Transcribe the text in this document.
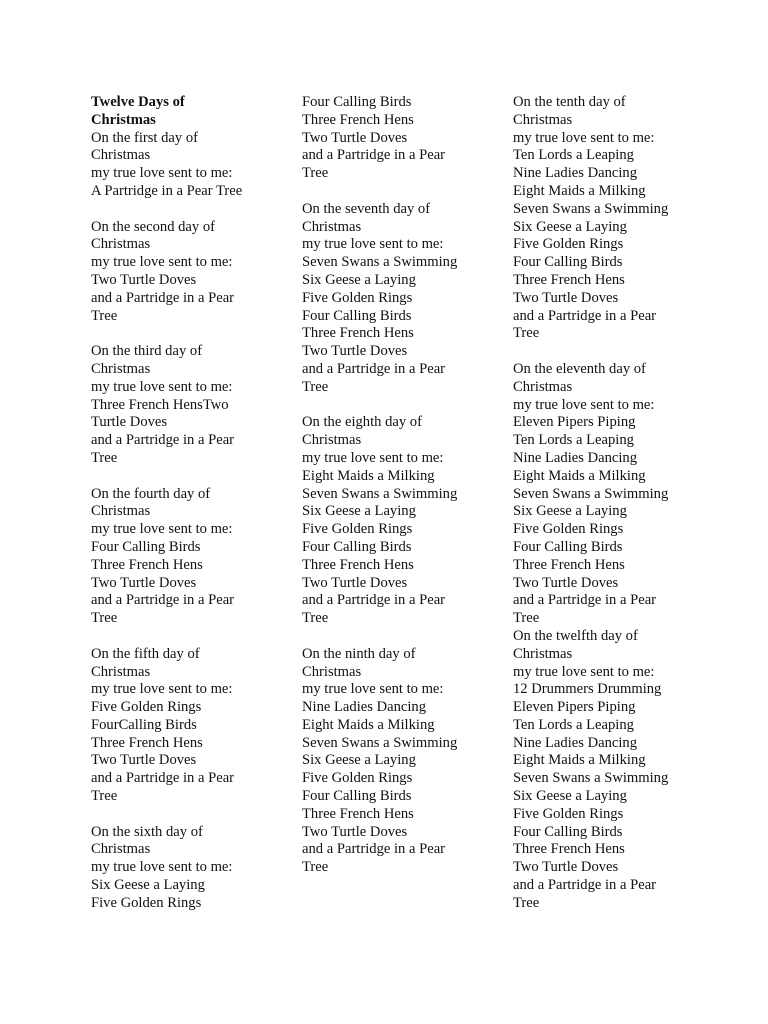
Twelve Days of
Christmas
On the first day of
Christmas
my true love sent to me:
A Partridge in a Pear Tree
On the second day of
Christmas
my true love sent to me:
Two Turtle Doves
and a Partridge in a Pear
Tree
On the third day of
Christmas
my true love sent to me:
Three French HensTwo
Turtle Doves
and a Partridge in a Pear
Tree
On the fourth day of
Christmas
my true love sent to me:
Four Calling Birds
Three French Hens
Two Turtle Doves
and a Partridge in a Pear
Tree
On the fifth day of
Christmas
my true love sent to me:
Five Golden Rings
FourCalling Birds
Three French Hens
Two Turtle Doves
and a Partridge in a Pear
Tree
On the sixth day of
Christmas
my true love sent to me:
Six Geese a Laying
Five Golden Rings
Four Calling Birds
Three French Hens
Two Turtle Doves
and a Partridge in a Pear
Tree
On the seventh day of
Christmas
my true love sent to me:
Seven Swans a Swimming
Six Geese a Laying
Five Golden Rings
Four Calling Birds
Three French Hens
Two Turtle Doves
and a Partridge in a Pear
Tree
On the eighth day of
Christmas
my true love sent to me:
Eight Maids a Milking
Seven Swans a Swimming
Six Geese a Laying
Five Golden Rings
Four Calling Birds
Three French Hens
Two Turtle Doves
and a Partridge in a Pear
Tree
On the ninth day of
Christmas
my true love sent to me:
Nine Ladies Dancing
Eight Maids a Milking
Seven Swans a Swimming
Six Geese a Laying
Five Golden Rings
Four Calling Birds
Three French Hens
Two Turtle Doves
and a Partridge in a Pear
Tree
On the tenth day of
Christmas
my true love sent to me:
Ten Lords a Leaping
Nine Ladies Dancing
Eight Maids a Milking
Seven Swans a Swimming
Six Geese a Laying
Five Golden Rings
Four Calling Birds
Three French Hens
Two Turtle Doves
and a Partridge in a Pear
Tree
On the eleventh day of
Christmas
my true love sent to me:
Eleven Pipers Piping
Ten Lords a Leaping
Nine Ladies Dancing
Eight Maids a Milking
Seven Swans a Swimming
Six Geese a Laying
Five Golden Rings
Four Calling Birds
Three French Hens
Two Turtle Doves
and a Partridge in a Pear
Tree
On the twelfth day of
Christmas
my true love sent to me:
12 Drummers Drumming
Eleven Pipers Piping
Ten Lords a Leaping
Nine Ladies Dancing
Eight Maids a Milking
Seven Swans a Swimming
Six Geese a Laying
Five Golden Rings
Four Calling Birds
Three French Hens
Two Turtle Doves
and a Partridge in a Pear
Tree
